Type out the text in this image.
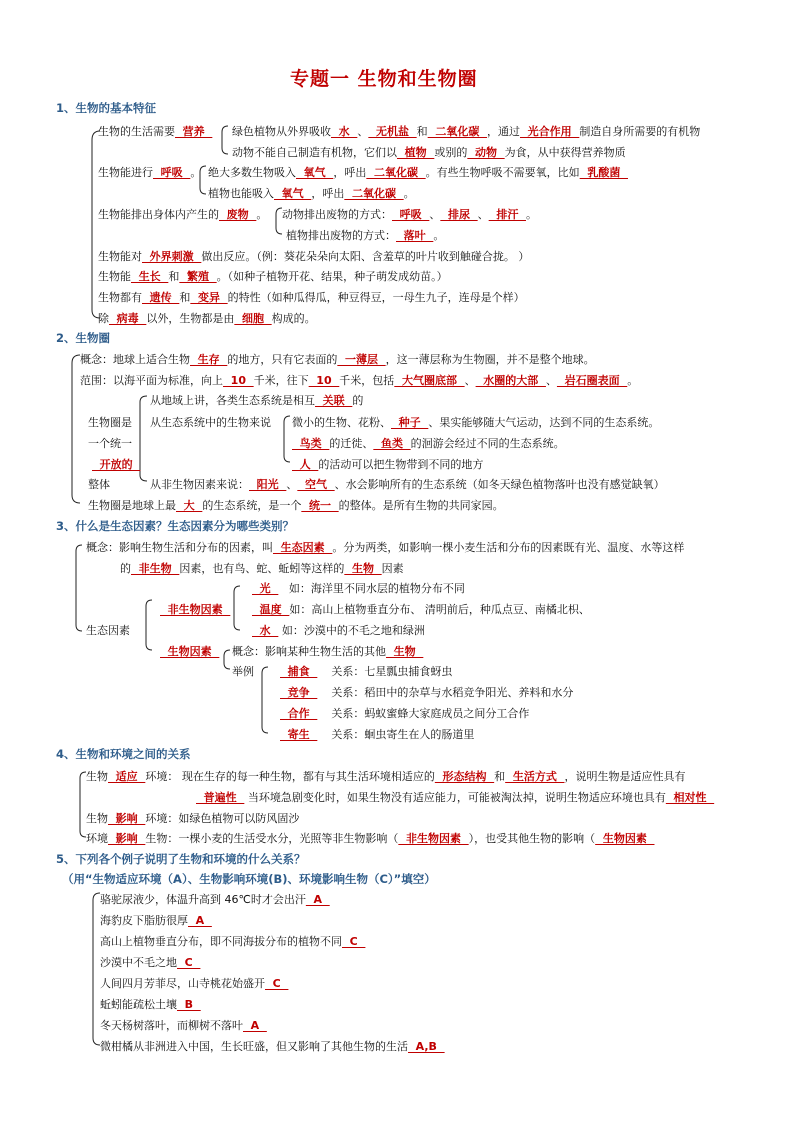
专题一 生物和生物圈
1、生物的基本特征
生物的生活需要  营养 绿色植物从外界吸收  水  、  无机盐  和  二氧化碳  ，通过  光合作用  制造自身所需要的有机物
动物不能自己制造有机物，它们以  植物  或别的  动物  为食，从中获得营养物质
生物能进行  呼吸  。 绝大多数生物吸入  氧气  ，呼出  二氧化碳  。有些生物呼吸不需要氧，比如  乳酸菌
植物也能吸入  氧气  ，呼出  二氧化碳  。
生物能排出身体内产生的  废物  。 动物排出废物的方式：  呼吸  、  排尿  、  排汗  。
植物排出废物的方式：  落叶  。
生物能对  外界刺激  做出反应。（例：葵花朵朵向太阳、含羞草的叶片收到触碰合拢。 ）
生物能  生长  和  繁殖  。（如种子植物开花、结果，种子萌发成幼苗。）
生物都有  遗传  和  变异  的特性（如种瓜得瓜，种豆得豆，一母生九子，连母是个样）
除  病毒  以外，生物都是由  细胞  构成的。
2、生物圈
概念：地球上适合生物  生存  的地方，只有它表面的  一薄层  ，这一薄层称为生物圈，并不是整个地球。
范围：以海平面为标准，向上  10  千米，往下  10  千米，包括  大气圈底部  、  水圈的大部  、  岩石圈表面  。
从地域上讲，各类生态系统是相互  关联  的
生物圈是 从生态系统中的生物来说 微小的生物、花粉、  种子  、果实能够随大气运动，达到不同的生态系统。
一个统一	鸟类  的迁徙、  鱼类  的洄游会经过不同的生态系统。
开放的	人  的活动可以把生物带到不同的地方
整体	从非生物因素来说：  阳光  、  空气  、水会影响所有的生态系统（如冬天绿色植物落叶也没有感觉缺氧）
生物圈是地球上最  大  的生态系统，是一个  统一  的整体。是所有生物的共同家园。
3、什么是生态因素？生态因素分为哪些类别？
概念：影响生物生活和分布的因素，叫  生态因素  。分为两类，如影响一棵小麦生活和分布的因素既有光、温度、水等这样
的  非生物  因素，也有鸟、蛇、蚯蚓等这样的  生物  因素
光     如：海洋里不同水层的植物分布不同
非生物因素 温度  如：高山上植物垂直分布、 清明前后，种瓜点豆、南橘北枳、
生态因素	水   如：沙漠中的不毛之地和绿洲
生物因素 概念：影响某种生物生活的其他  生物
举例 捕食      关系：七星瓢虫捕食蚜虫
竞争      关系：稻田中的杂草与水稻竞争阳光、养料和水分
合作      关系：蚂蚁蜜蜂大家庭成员之间分工合作
寄生      关系：蛔虫寄生在人的肠道里
4、生物和环境之间的关系
生物  适应  环境： 现在生存的每一种生物，都有与其生活环境相适应的  形态结构  和  生活方式  ，说明生物是适应性具有
普遍性   当环境急剧变化时，如果生物没有适应能力，可能被淘汰掉，说明生物适应环境也具有  相对性
生物  影响  环境：如绿色植物可以防风固沙
环境  影响  生物：一棵小麦的生活受水分，光照等非生物影响（  非生物因素  ），也受其他生物的影响（  生物因素
5、下列各个例子说明了生物和环境的什么关系？
（用“生物适应环境（A）、生物影响环境(B)、环境影响生物（C）”填空）
骆驼尿液少，体温升高到 46℃时才会出汗  A
海豹皮下脂肪很厚  A
高山上植物垂直分布，即不同海拔分布的植物不同  C
沙漠中不毛之地  C
人间四月芳菲尽，山寺桃花始盛开  C
蚯蚓能疏松土壤  B
冬天杨树落叶，而柳树不落叶  A
微柑橘从非洲进入中国，生长旺盛，但又影响了其他生物的生活  A,B
